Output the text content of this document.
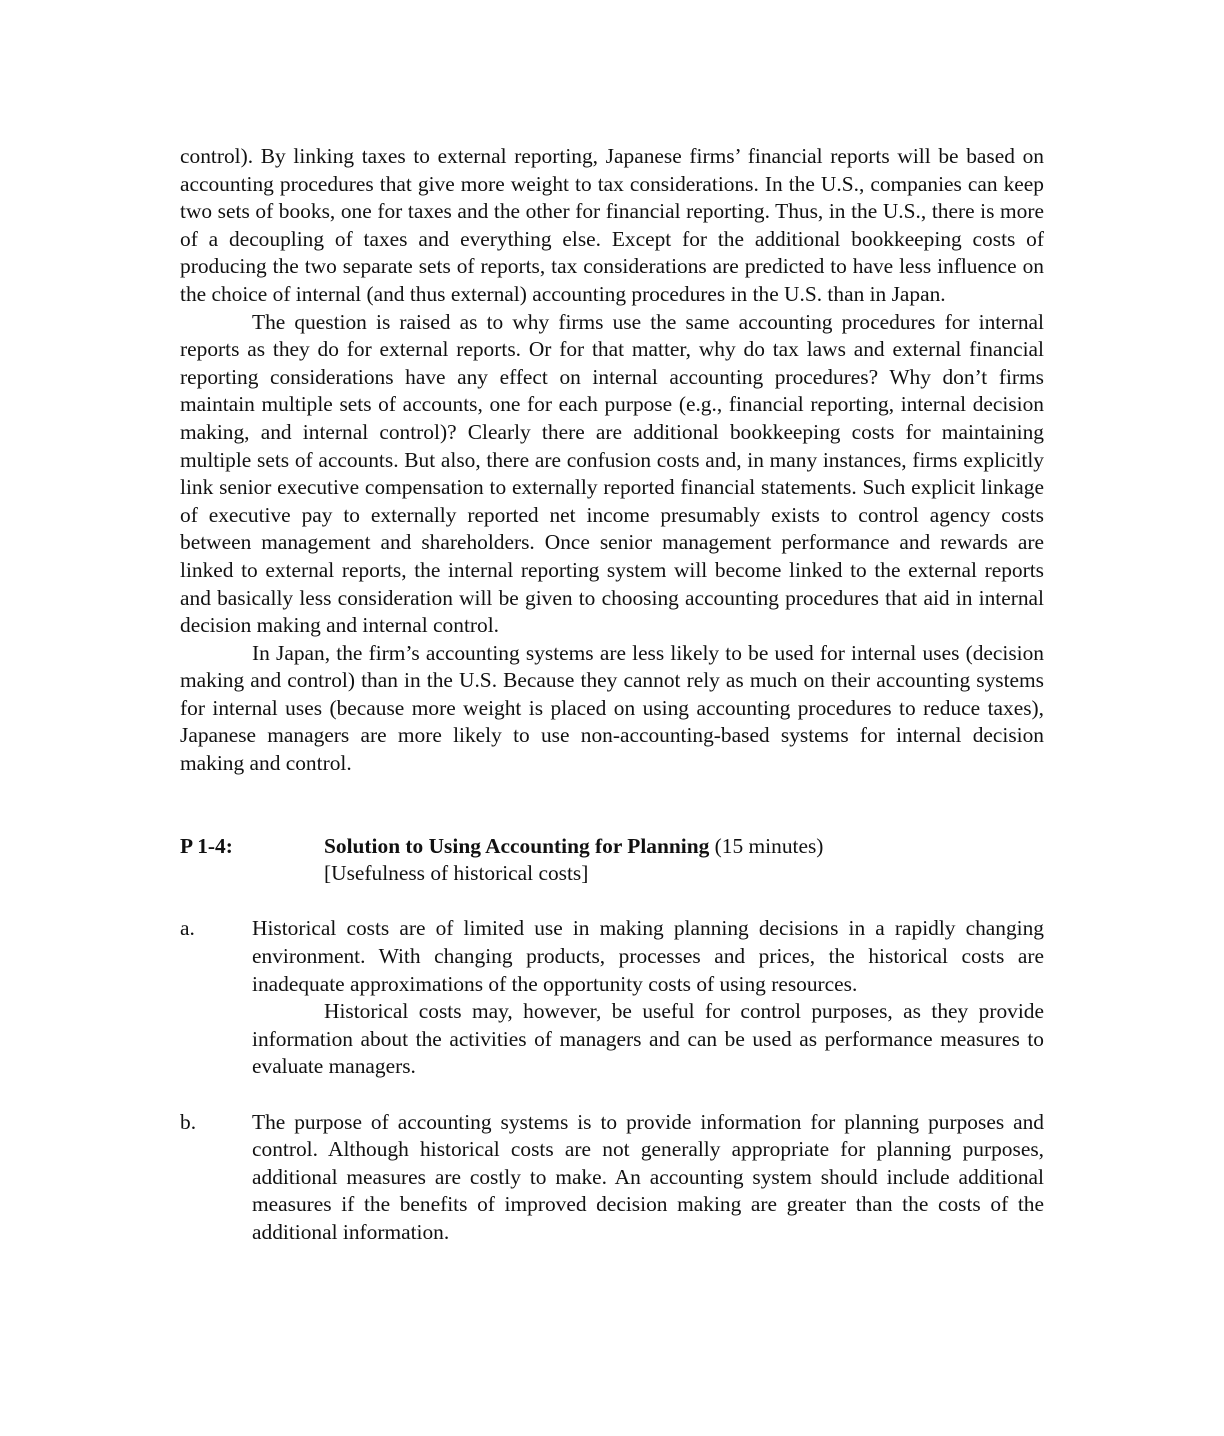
control). By linking taxes to external reporting, Japanese firms’ financial reports will be based on accounting procedures that give more weight to tax considerations. In the U.S., companies can keep two sets of books, one for taxes and the other for financial reporting. Thus, in the U.S., there is more of a decoupling of taxes and everything else. Except for the additional bookkeeping costs of producing the two separate sets of reports, tax considerations are predicted to have less influence on the choice of internal (and thus external) accounting procedures in the U.S. than in Japan.

The question is raised as to why firms use the same accounting procedures for internal reports as they do for external reports. Or for that matter, why do tax laws and external financial reporting considerations have any effect on internal accounting procedures? Why don’t firms maintain multiple sets of accounts, one for each purpose (e.g., financial reporting, internal decision making, and internal control)? Clearly there are additional bookkeeping costs for maintaining multiple sets of accounts. But also, there are confusion costs and, in many instances, firms explicitly link senior executive compensation to externally reported financial statements. Such explicit linkage of executive pay to externally reported net income presumably exists to control agency costs between management and shareholders. Once senior management performance and rewards are linked to external reports, the internal reporting system will become linked to the external reports and basically less consideration will be given to choosing accounting procedures that aid in internal decision making and internal control.

In Japan, the firm’s accounting systems are less likely to be used for internal uses (decision making and control) than in the U.S. Because they cannot rely as much on their accounting systems for internal uses (because more weight is placed on using accounting procedures to reduce taxes), Japanese managers are more likely to use non-accounting-based systems for internal decision making and control.

P 1-4:	Solution to Using Accounting for Planning (15 minutes)
[Usefulness of historical costs]
a.	Historical costs are of limited use in making planning decisions in a rapidly changing environment. With changing products, processes and prices, the historical costs are inadequate approximations of the opportunity costs of using resources.

Historical costs may, however, be useful for control purposes, as they provide information about the activities of managers and can be used as performance measures to evaluate managers.

b.	The purpose of accounting systems is to provide information for planning purposes and control. Although historical costs are not generally appropriate for planning purposes, additional measures are costly to make. An accounting system should include additional measures if the benefits of improved decision making are greater than the costs of the additional information.
